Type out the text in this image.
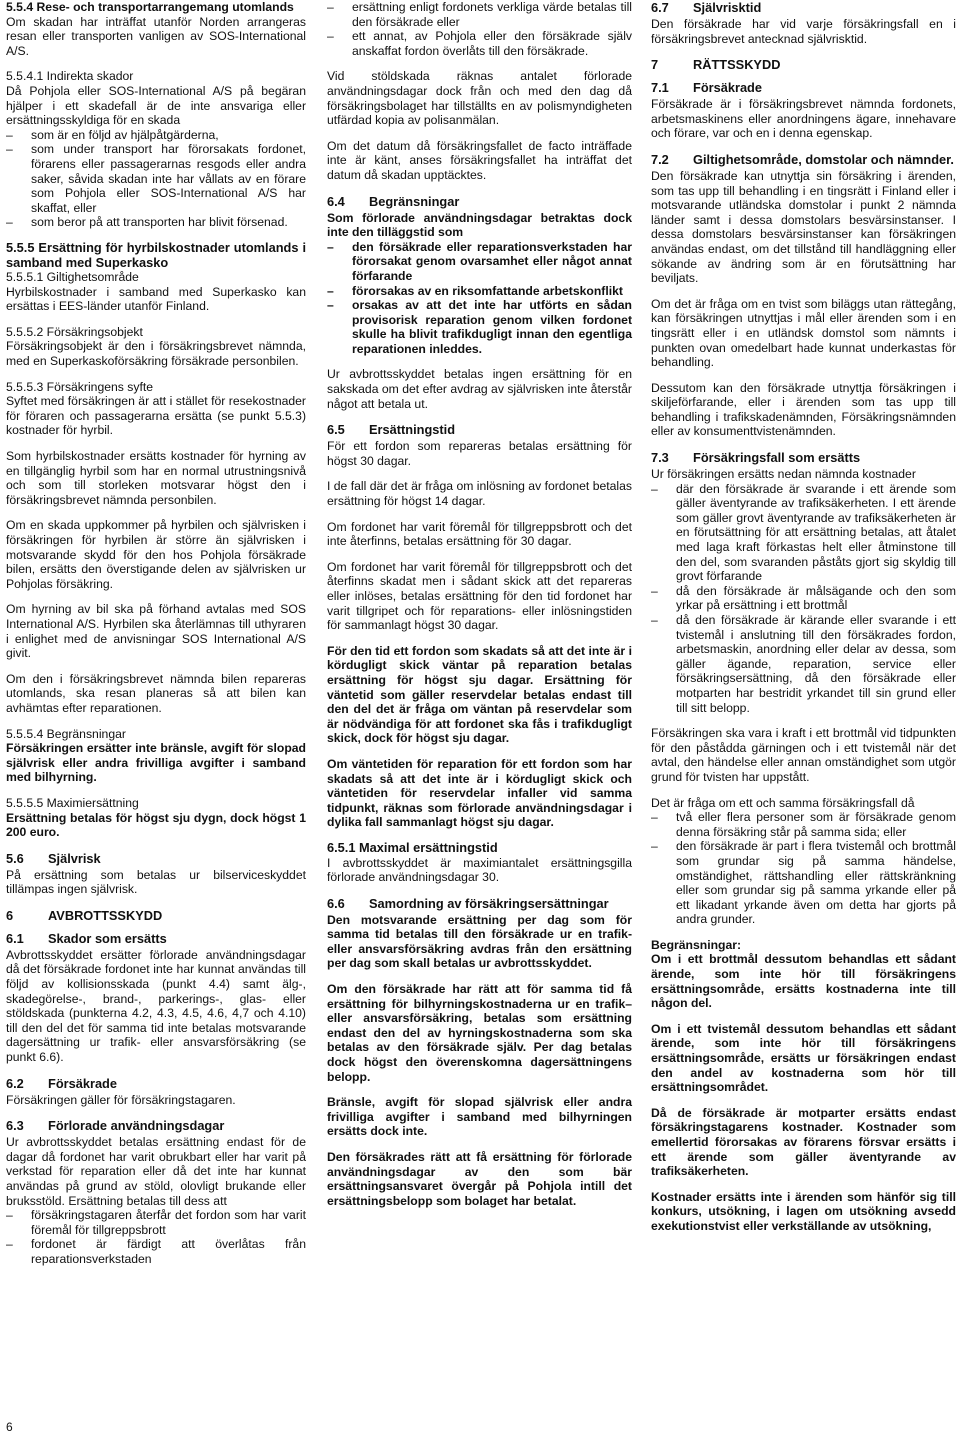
5.5.4 Rese- och transportarrangemang utomlands

Om skadan har inträffat utanför Norden arrangeras resan eller transporten vanligen av SOS-International A/S.

5.5.4.1 Indirekta skador

Då Pohjola eller SOS-International A/S på begäran hjälper i ett skadefall är de inte ansvariga eller ersättningsskyldiga för en skada

– som är en följd av hjälpåtgärderna,
– som under transport har förorsakats fordonet, förarens eller passagerarnas resgods eller andra saker, såvida skadan inte har vållats av en förare som Pohjola eller SOS-International A/S har skaffat, eller
– som beror på att transporten har blivit försenad.

5.5.5 Ersättning för hyrbilskostnader utomlands i samband med Superkasko

5.5.5.1 Giltighetsområde

Hyrbilskostnader i samband med Superkasko kan ersättas i EES-länder utanför Finland.

5.5.5.2 Försäkringsobjekt

Försäkringsobjekt är den i försäkringsbrevet nämnda, med en Superkaskoförsäkring försäkrade personbilen.

5.5.5.3 Försäkringens syfte

Syftet med försäkringen är att i stället för resekostnader för föraren och passagerarna ersätta (se punkt 5.5.3) kostnader för hyrbil.

Som hyrbilskostnader ersätts kostnader för hyrning av en tillgänglig hyrbil som har en normal utrustningsnivå och som till storleken motsvarar högst den i försäkringsbrevet nämnda personbilen.

Om en skada uppkommer på hyrbilen och självrisken i försäkringen för hyrbilen är större än självrisken i motsvarande skydd för den hos Pohjola försäkrade bilen, ersätts den överstigande delen av självrisken ur Pohjolas försäkring.

Om hyrning av bil ska på förhand avtalas med SOS International A/S. Hyrbilen ska återlämnas till uthyraren i enlighet med de anvisningar SOS International A/S givit.

Om den i försäkringsbrevet nämnda bilen repareras utomlands, ska resan planeras så att bilen kan avhämtas efter reparationen.

5.5.5.4 Begränsningar

Försäkringen ersätter inte bränsle, avgift för slopad självrisk eller andra frivilliga avgifter i samband med bilhyrning.

5.5.5.5 Maximiersättning

Ersättning betalas för högst sju dygn, dock högst 1 200 euro.

5.6	Självrisk

På ersättning som betalas ur bilserviceskyddet tillämpas ingen självrisk.

6	AVBROTTSSKYDD
6.1	Skador som ersätts

Avbrottsskyddet ersätter förlorade användningsdagar då det försäkrade fordonet inte har kunnat användas till följd av kollisionsskada (punkt 4.4) samt älg-, skadegörelse-, brand-, parkerings-, glas- eller stöldskada (punkterna 4.2, 4.3, 4.5, 4.6, 4,7 och 4.10) till den del det för samma tid inte betalas motsvarande dagersättning ur trafik- eller ansvarsförsäkring (se punkt 6.6).

6.2	Försäkrade

Försäkringen gäller för försäkringstagaren.

6.3	Förlorade användningsdagar

Ur avbrottsskyddet betalas ersättning endast för de dagar då fordonet har varit obrukbart eller har varit på verkstad för reparation eller då det inte har kunnat användas på grund av stöld, olovligt brukande eller bruksstöld. Ersättning betalas till dess att

– försäkringstagaren återfår det fordon som har varit föremål för tillgreppsbrott
– fordonet är färdigt att överlåtas från reparationsverkstaden
– ersättning enligt fordonets verkliga värde betalas till den försäkrade eller
– ett annat, av Pohjola eller den försäkrade själv anskaffat fordon överlåts till den försäkrade.

Vid stöldskada räknas antalet förlorade användningsdagar dock från och med den dag då försäkringsbolaget har tillställts en av polismyndigheten utfärdad kopia av polisanmälan.

Om det datum då försäkringsfallet de facto inträffade inte är känt, anses försäkringsfallet ha inträffat det datum då skadan upptäcktes.

6.4	Begränsningar

Som förlorade användningsdagar betraktas dock inte den tilläggstid som

– den försäkrade eller reparationsverkstaden har förorsakat genom ovarsamhet eller något annat förfarande
– förorsakas av en riksomfattande arbetskonflikt
– orsakas av att det inte har utförts en sådan provisorisk reparation genom vilken fordonet skulle ha blivit trafikdugligt innan den egentliga reparationen inleddes.

Ur avbrottsskyddet betalas ingen ersättning för en sakskada om det efter avdrag av självrisken inte återstår något att betala ut.

6.5	Ersättningstid

För ett fordon som repareras betalas ersättning för högst 30 dagar.

I de fall där det är fråga om inlösning av fordonet betalas ersättning för högst 14 dagar.

Om fordonet har varit föremål för tillgreppsbrott och det inte återfinns, betalas ersättning för 30 dagar.

Om fordonet har varit föremål för tillgreppsbrott och det återfinns skadat men i sådant skick att det repareras eller inlöses, betalas ersättning för den tid fordonet har varit tillgripet och för reparations- eller inlösningstiden för sammanlagt högst 30 dagar.

För den tid ett fordon som skadats så att det inte är i kördugligt skick väntar på reparation betalas ersättning för högst sju dagar. Ersättning för väntetid som gäller reservdelar betalas endast till den del det är fråga om väntan på reservdelar som är nödvändiga för att fordonet ska fås i trafikdugligt skick, dock för högst sju dagar.

Om väntetiden för reparation för ett fordon som har skadats så att det inte är i kördugligt skick och väntetiden för reservdelar infaller vid samma tidpunkt, räknas som förlorade användningsdagar i dylika fall sammanlagt högst sju dagar.

6.5.1 Maximal ersättningstid

I avbrottsskyddet är maximiantalet ersättningsgilla förlorade användningsdagar 30.

6.6	Samordning av försäkringsersättningar

Den motsvarande ersättning per dag som för samma tid betalas till den försäkrade ur en trafik- eller ansvarsförsäkring avdras från den ersättning per dag som skall betalas ur avbrottsskyddet.

Om den försäkrade har rätt att för samma tid få ersättning för bilhyrningskostnaderna ur en trafik– eller ansvarsförsäkring, betalas som ersättning endast den del av hyrningskostnaderna som ska betalas av den försäkrade själv. Per dag betalas dock högst den överenskomna dagersättningens belopp.

Bränsle, avgift för slopad självrisk eller andra frivilliga avgifter i samband med bilhyrningen ersätts dock inte.

Den försäkrades rätt att få ersättning för förlorade användningsdagar av den som bär ersättningsansvaret övergår på Pohjola intill det ersättningsbelopp som bolaget har betalat.

6.7	Självrisktid

Den försäkrade har vid varje försäkringsfall en i försäkringsbrevet antecknad självrisktid.

7	RÄTTSSKYDD
7.1	Försäkrade

Försäkrade är i försäkringsbrevet nämnda fordonets, arbetsmaskinens eller anordningens ägare, innehavare och förare, var och en i denna egenskap.

7.2	Giltighetsområde, domstolar och nämnder.

Den försäkrade kan utnyttja sin försäkring i ärenden, som tas upp till behandling i en tingsrätt i Finland eller i motsvarande utländska domstolar i punkt 2 nämnda länder samt i dessa domstolars besvärsinstanser. I dessa domstolars besvärsinstanser kan försäkringen användas endast, om det tillstånd till handläggning eller sökande av ändring som är en förutsättning har beviljats.

Om det är fråga om en tvist som biläggs utan rättegång, kan försäkringen utnyttjas i mål eller ärenden som i en tingsrätt eller i en utländsk domstol som nämnts i punkten ovan omedelbart hade kunnat underkastas för behandling.

Dessutom kan den försäkrade utnyttja försäkringen i skiljeförfarande, eller i ärenden som tas upp till behandling i trafikskadenämnden, Försäkringsnämnden eller av konsumenttvistenämnden.

7.3	Försäkringsfall som ersätts

Ur försäkringen ersätts nedan nämnda kostnader

– där den försäkrade är svarande i ett ärende som gäller äventyrande av trafiksäkerheten. I ett ärende som gäller grovt äventyrande av trafiksäkerheten är en förutsättning för att ersättning betalas, att åtalet med laga kraft förkastas helt eller åtminstone till den del, som svaranden påståts gjort sig skyldig till grovt förfarande
– då den försäkrade är målsägande och den som yrkar på ersättning i ett brottmål
– då den försäkrade är kärande eller svarande i ett tvistemål i anslutning till den försäkrades fordon, arbetsmaskin, anordning eller delar av dessa, som gäller ägande, reparation, service eller försäkringsersättning, då den försäkrade eller motparten har bestridit yrkandet till sin grund eller till sitt belopp.

Försäkringen ska vara i kraft i ett brottmål vid tidpunkten för den påstådda gärningen och i ett tvistemål när det avtal, den händelse eller annan omständighet som utgör grund för tvisten har uppstått.

Det är fråga om ett och samma försäkringsfall då

– två eller flera personer som är försäkrade genom denna försäkring står på samma sida; eller
– den försäkrade är part i flera tvistemål och brottmål som grundar sig på samma händelse, omständighet, rättshandling eller rättskränkning eller som grundar sig på samma yrkande eller på ett likadant yrkande även om detta har gjorts på andra grunder.

Begränsningar:

Om i ett brottmål dessutom behandlas ett sådant ärende, som inte hör till försäkringens ersättningsområde, ersätts kostnaderna inte till någon del.

Om i ett tvistemål dessutom behandlas ett sådant ärende, som inte hör till försäkringens ersättningsområde, ersätts ur försäkringen endast den andel av kostnaderna som hör till ersättningsområdet.

Då de försäkrade är motparter ersätts endast försäkringstagarens kostnader. Kostnader som emellertid förorsakas av förarens försvar ersätts i ett ärende som gäller äventyrande av trafiksäkerheten.

Kostnader ersätts inte i ärenden som hänför sig till konkurs, utsökning, i lagen om utsökning avsedd exekutionstvist eller verkställande av utsökning,

6
